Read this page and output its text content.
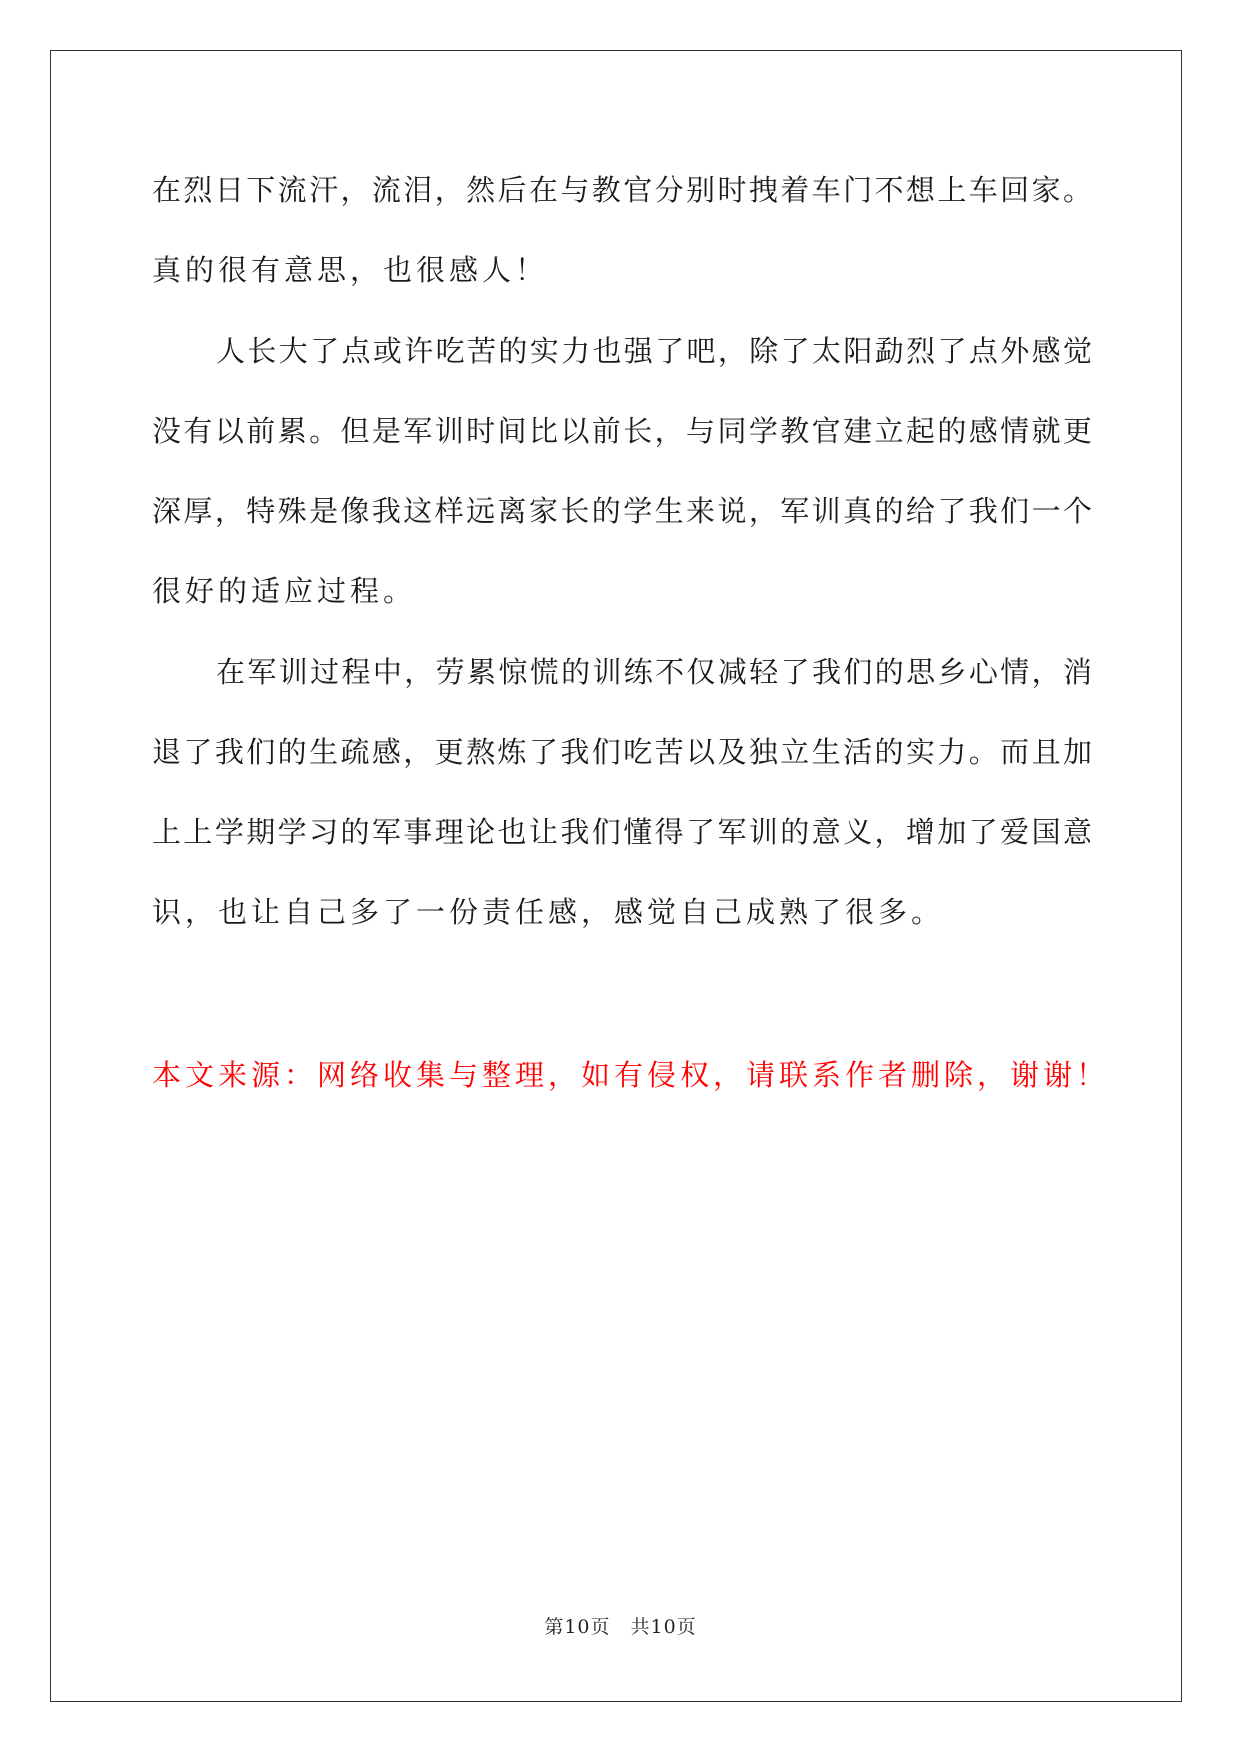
在烈日下流汗，流泪，然后在与教官分别时拽着车门不想上车回家。
真的很有意思，也很感人！
人长大了点或许吃苦的实力也强了吧，除了太阳勐烈了点外感觉
没有以前累。但是军训时间比以前长，与同学教官建立起的感情就更
深厚，特殊是像我这样远离家长的学生来说，军训真的给了我们一个
很好的适应过程。
在军训过程中，劳累惊慌的训练不仅减轻了我们的思乡心情，消
退了我们的生疏感，更熬炼了我们吃苦以及独立生活的实力。而且加
上上学期学习的军事理论也让我们懂得了军训的意义，增加了爱国意
识，也让自己多了一份责任感，感觉自己成熟了很多。
本文来源：网络收集与整理，如有侵权，请联系作者删除，谢谢！
第10页　共10页
